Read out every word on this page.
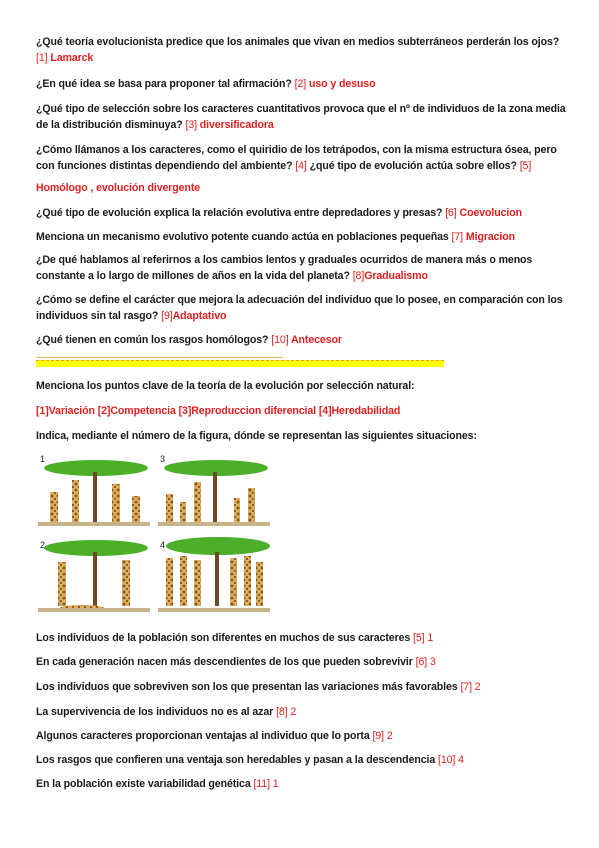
¿Qué teoría evolucionista predice que los animales que vivan en medios subterráneos perderán los ojos? [1] Lamarck
¿En qué idea se basa para proponer tal afirmación? [2] uso y desuso
¿Qué tipo de selección sobre los caracteres cuantitativos provoca que el nº de individuos de la zona media de la distribución disminuya? [3] diversificadora
¿Cómo llámanos a los caracteres, como el quiridio de los tetrápodos, con la misma estructura ósea, pero con funciones distintas dependiendo del ambiente? [4] ¿qué tipo de evolución actúa sobre ellos? [5]
Homólogo , evolución divergente
¿Qué tipo de evolución explica la relación evolutiva entre depredadores y presas? [6] Coevolucion
Menciona un mecanismo evolutivo potente cuando actúa en poblaciones pequeñas [7] Migracion
¿De qué hablamos al referirnos a los cambios lentos y graduales ocurridos de manera más o menos constante a lo largo de millones de años en la vida del planeta? [8]Gradualismo
¿Cómo se define el carácter que mejora la adecuación del individuo que lo posee, en comparación con los individuos sin tal rasgo? [9]Adaptativo
¿Qué tienen en común los rasgos homólogos? [10] Antecesor
-------------------------------------------------------------------------------------------------------
Menciona los puntos clave de la teoría de la evolución por selección natural:
[1]Variación [2]Competencia [3]Reproduccion diferencial [4]Heredabilidad
Indica, mediante el número de la figura, dónde se representan las siguientes situaciones:
1	3
2	4
Los individuos de la población son diferentes en muchos de sus caracteres [5] 1
En cada generación nacen más descendientes de los que pueden sobrevivir [6] 3
Los individuos que sobreviven son los que presentan las variaciones más favorables [7] 2
La supervivencia de los individuos no es al azar [8] 2
Algunos caracteres proporcionan ventajas al individuo que lo porta [9] 2
Los rasgos que confieren una ventaja son heredables y pasan a la descendencia [10] 4
En la población existe variabilidad genética [11] 1
